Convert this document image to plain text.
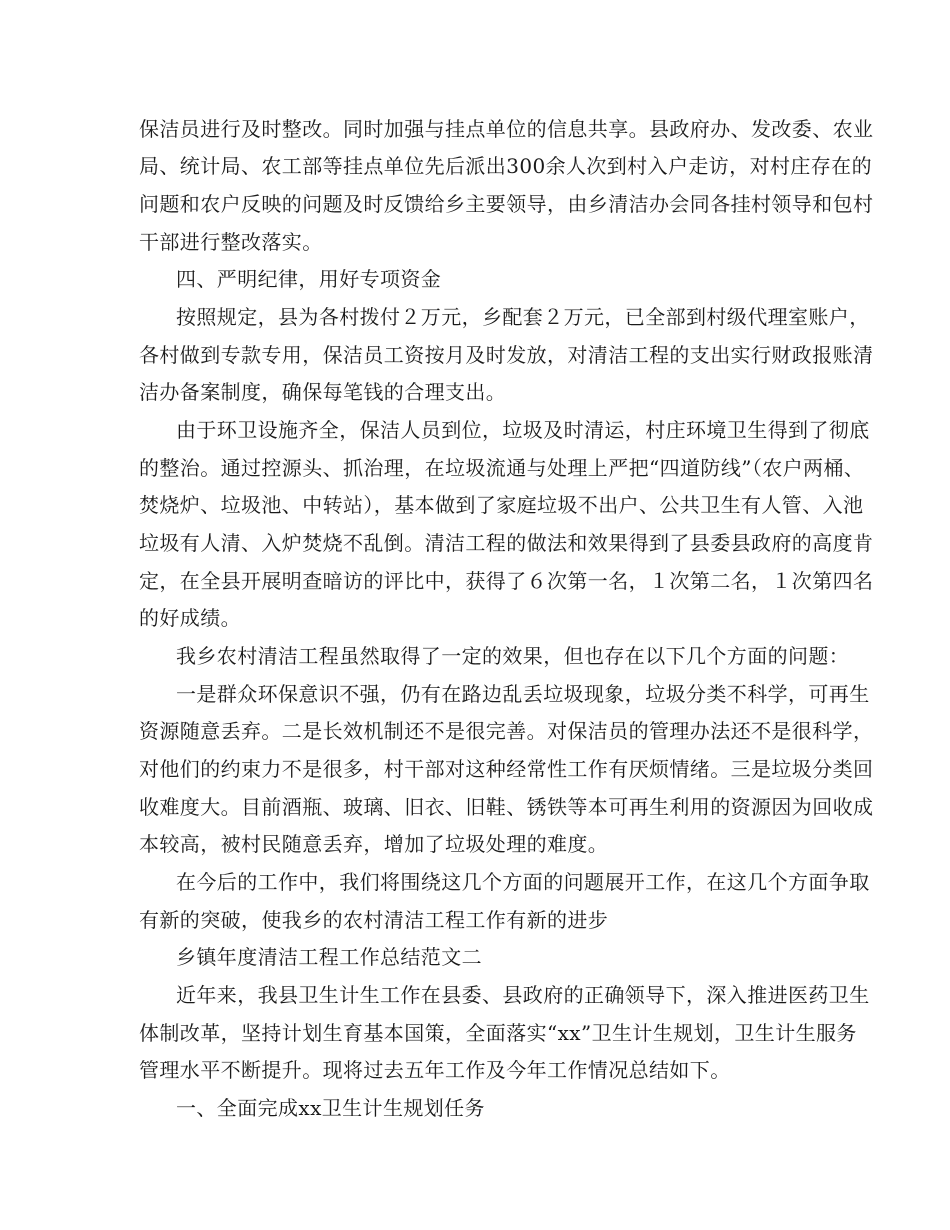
保洁员进行及时整改。同时加强与挂点单位的信息共享。县政府办、发改委、农业
局、统计局、农工部等挂点单位先后派出300余人次到村入户走访，对村庄存在的
问题和农户反映的问题及时反馈给乡主要领导，由乡清洁办会同各挂村领导和包村
干部进行整改落实。
四、严明纪律，用好专项资金
按照规定，县为各村拨付２万元，乡配套２万元，已全部到村级代理室账户，
各村做到专款专用，保洁员工资按月及时发放，对清洁工程的支出实行财政报账清
洁办备案制度，确保每笔钱的合理支出。
由于环卫设施齐全，保洁人员到位，垃圾及时清运，村庄环境卫生得到了彻底
的整治。通过控源头、抓治理，在垃圾流通与处理上严把“四道防线”（农户两桶、
焚烧炉、垃圾池、中转站），基本做到了家庭垃圾不出户、公共卫生有人管、入池
垃圾有人清、入炉焚烧不乱倒。清洁工程的做法和效果得到了县委县政府的高度肯
定，在全县开展明查暗访的评比中，获得了６次第一名，１次第二名，１次第四名
的好成绩。
我乡农村清洁工程虽然取得了一定的效果，但也存在以下几个方面的问题：
一是群众环保意识不强，仍有在路边乱丢垃圾现象，垃圾分类不科学，可再生
资源随意丢弃。二是长效机制还不是很完善。对保洁员的管理办法还不是很科学，
对他们的约束力不是很多，村干部对这种经常性工作有厌烦情绪。三是垃圾分类回
收难度大。目前酒瓶、玻璃、旧衣、旧鞋、锈铁等本可再生利用的资源因为回收成
本较高，被村民随意丢弃，增加了垃圾处理的难度。
在今后的工作中，我们将围绕这几个方面的问题展开工作，在这几个方面争取
有新的突破，使我乡的农村清洁工程工作有新的进步
乡镇年度清洁工程工作总结范文二
近年来，我县卫生计生工作在县委、县政府的正确领导下，深入推进医药卫生
体制改革，坚持计划生育基本国策，全面落实“xx”卫生计生规划，卫生计生服务
管理水平不断提升。现将过去五年工作及今年工作情况总结如下。
一、全面完成xx卫生计生规划任务
